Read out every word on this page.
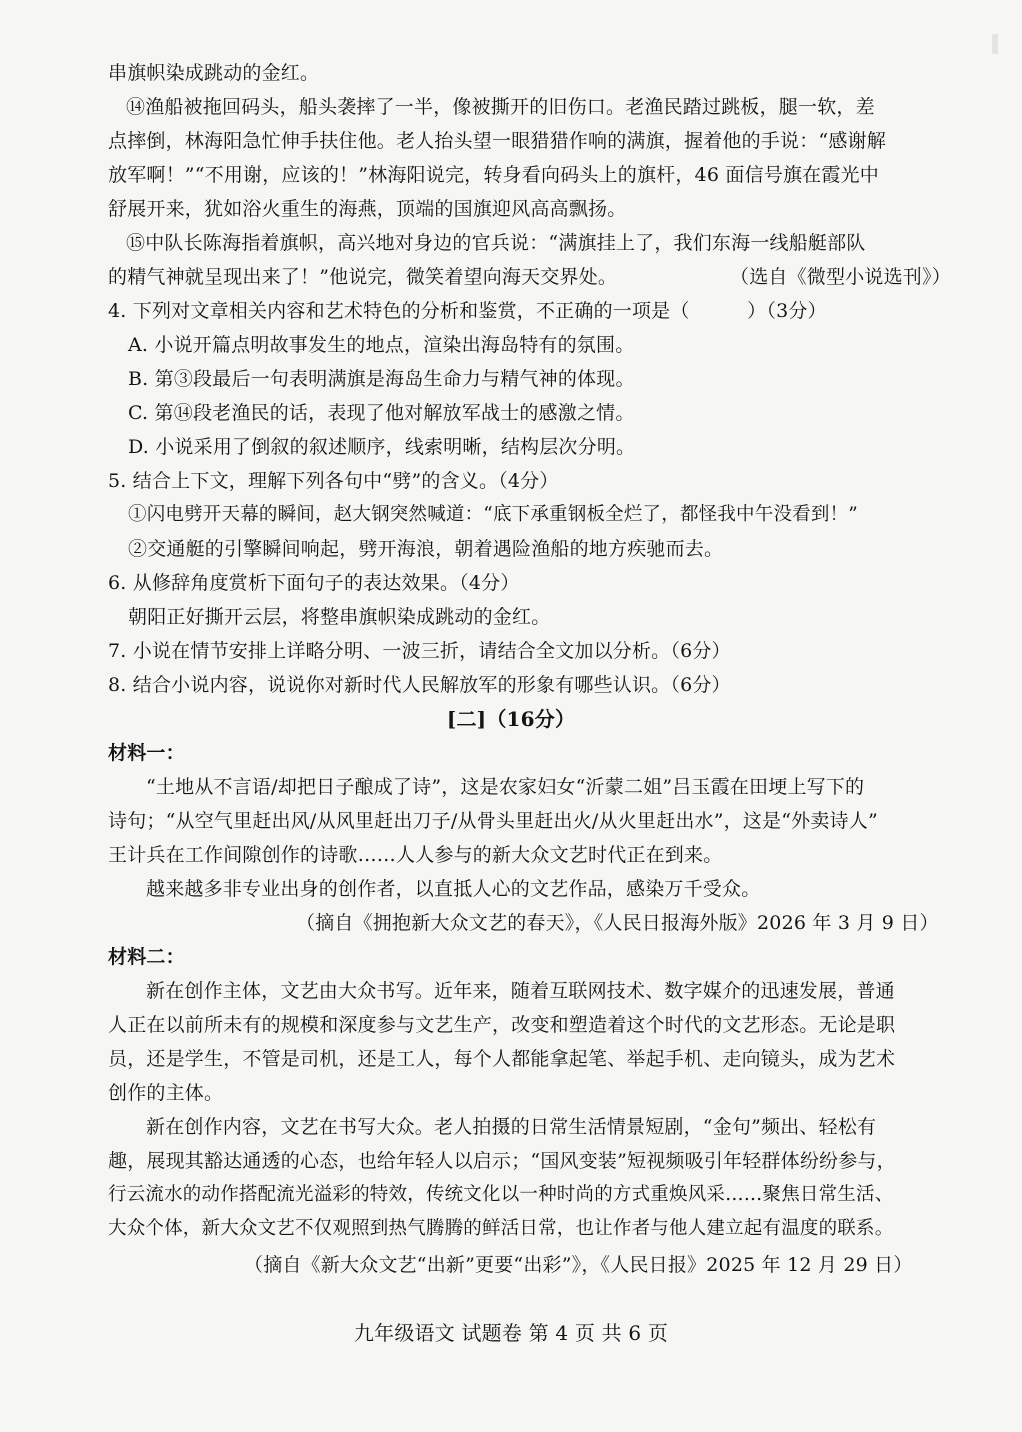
串旗帜染成跳动的金红。
⑭渔船被拖回码头，船头袭摔了一半，像被撕开的旧伤口。老渔民踏过跳板，腿一软，差
点摔倒，林海阳急忙伸手扶住他。老人抬头望一眼猎猎作响的满旗，握着他的手说：“感谢解
放军啊！”“不用谢，应该的！”林海阳说完，转身看向码头上的旗杆，46 面信号旗在霞光中
舒展开来，犹如浴火重生的海燕，顶端的国旗迎风高高飘扬。
⑮中队长陈海指着旗帜，高兴地对身边的官兵说：“满旗挂上了，我们东海一线船艇部队
的精气神就呈现出来了！”他说完，微笑着望向海天交界处。	（选自《微型小说选刊》）
4. 下列对文章相关内容和艺术特色的分析和鉴赏，不正确的一项是（　　　）（3分）
A. 小说开篇点明故事发生的地点，渲染出海岛特有的氛围。
B. 第③段最后一句表明满旗是海岛生命力与精气神的体现。
C. 第⑭段老渔民的话，表现了他对解放军战士的感激之情。
D. 小说采用了倒叙的叙述顺序，线索明晰，结构层次分明。
5. 结合上下文，理解下列各句中“劈”的含义。（4分）
①闪电劈开天幕的瞬间，赵大钢突然喊道：“底下承重钢板全烂了，都怪我中午没看到！”
②交通艇的引擎瞬间响起，劈开海浪，朝着遇险渔船的地方疾驰而去。
6. 从修辞角度赏析下面句子的表达效果。（4分）
朝阳正好撕开云层，将整串旗帜染成跳动的金红。
7. 小说在情节安排上详略分明、一波三折，请结合全文加以分析。（6分）
8. 结合小说内容，说说你对新时代人民解放军的形象有哪些认识。（6分）
[二]（16分）
材料一：
“土地从不言语/却把日子酿成了诗”，这是农家妇女“沂蒙二姐”吕玉霞在田埂上写下的
诗句；“从空气里赶出风/从风里赶出刀子/从骨头里赶出火/从火里赶出水”，这是“外卖诗人”
王计兵在工作间隙创作的诗歌……人人参与的新大众文艺时代正在到来。
越来越多非专业出身的创作者，以直抵人心的文艺作品，感染万千受众。
（摘自《拥抱新大众文艺的春天》，《人民日报海外版》2026 年 3 月 9 日）
材料二：
新在创作主体，文艺由大众书写。近年来，随着互联网技术、数字媒介的迅速发展，普通
人正在以前所未有的规模和深度参与文艺生产，改变和塑造着这个时代的文艺形态。无论是职
员，还是学生，不管是司机，还是工人，每个人都能拿起笔、举起手机、走向镜头，成为艺术
创作的主体。
新在创作内容，文艺在书写大众。老人拍摄的日常生活情景短剧，“金句”频出、轻松有
趣，展现其豁达通透的心态，也给年轻人以启示；“国风变装”短视频吸引年轻群体纷纷参与，
行云流水的动作搭配流光溢彩的特效，传统文化以一种时尚的方式重焕风采……聚焦日常生活、
大众个体，新大众文艺不仅观照到热气腾腾的鲜活日常，也让作者与他人建立起有温度的联系。
（摘自《新大众文艺“出新”更要“出彩”》，《人民日报》2025 年 12 月 29 日）
九年级语文 试题卷 第 4 页 共 6 页
